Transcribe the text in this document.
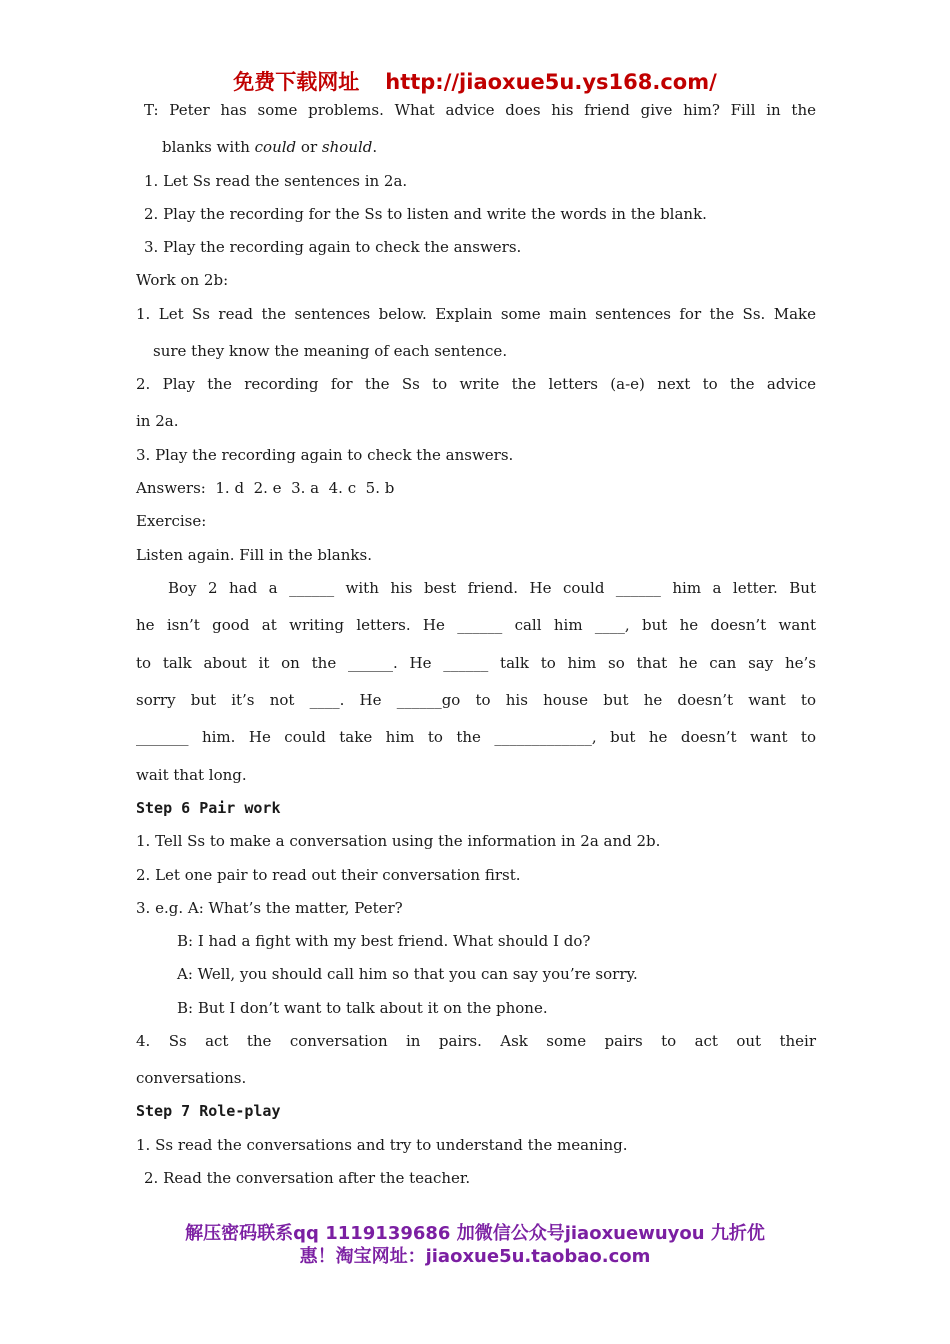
免费下载网址 http://jiaoxue5u.ys168.com/
T: Peter has some problems. What advice does his friend give him? Fill in the
blanks with could or should.
1. Let Ss read the sentences in 2a.
2. Play the recording for the Ss to listen and write the words in the blank.
3. Play the recording again to check the answers.
Work on 2b:
1. Let Ss read the sentences below. Explain some main sentences for the Ss. Make
sure they know the meaning of each sentence.
2. Play the recording for the Ss to write the letters (a-e) next to the advice
in 2a.
3. Play the recording again to check the answers.
Answers:  1. d  2. e  3. a  4. c  5. b
Exercise:
Listen again. Fill in the blanks.
Boy 2 had a ______ with his best friend. He could ______ him a letter. But
he isn’t good at writing letters. He ______ call him ____, but he doesn’t want
to talk about it on the ______. He ______ talk to him so that he can say he’s
sorry but it’s not ____. He ______go to his house but he doesn’t want to
_______ him. He could take him to the _____________, but he doesn’t want to
wait that long.
Step 6 Pair work
1. Tell Ss to make a conversation using the information in 2a and 2b.
2. Let one pair to read out their conversation first.
3. e.g. A: What’s the matter, Peter?
B: I had a fight with my best friend. What should I do?
A: Well, you should call him so that you can say you’re sorry.
B: But I don’t want to talk about it on the phone.
4. Ss act the conversation in pairs. Ask some pairs to act out their
conversations.
Step 7 Role-play
1. Ss read the conversations and try to understand the meaning.
2. Read the conversation after the teacher.
解压密码联系qq 1119139686 加微信公众号jiaoxuewuyou 九折优
惠！淘宝网址：jiaoxue5u.taobao.com
